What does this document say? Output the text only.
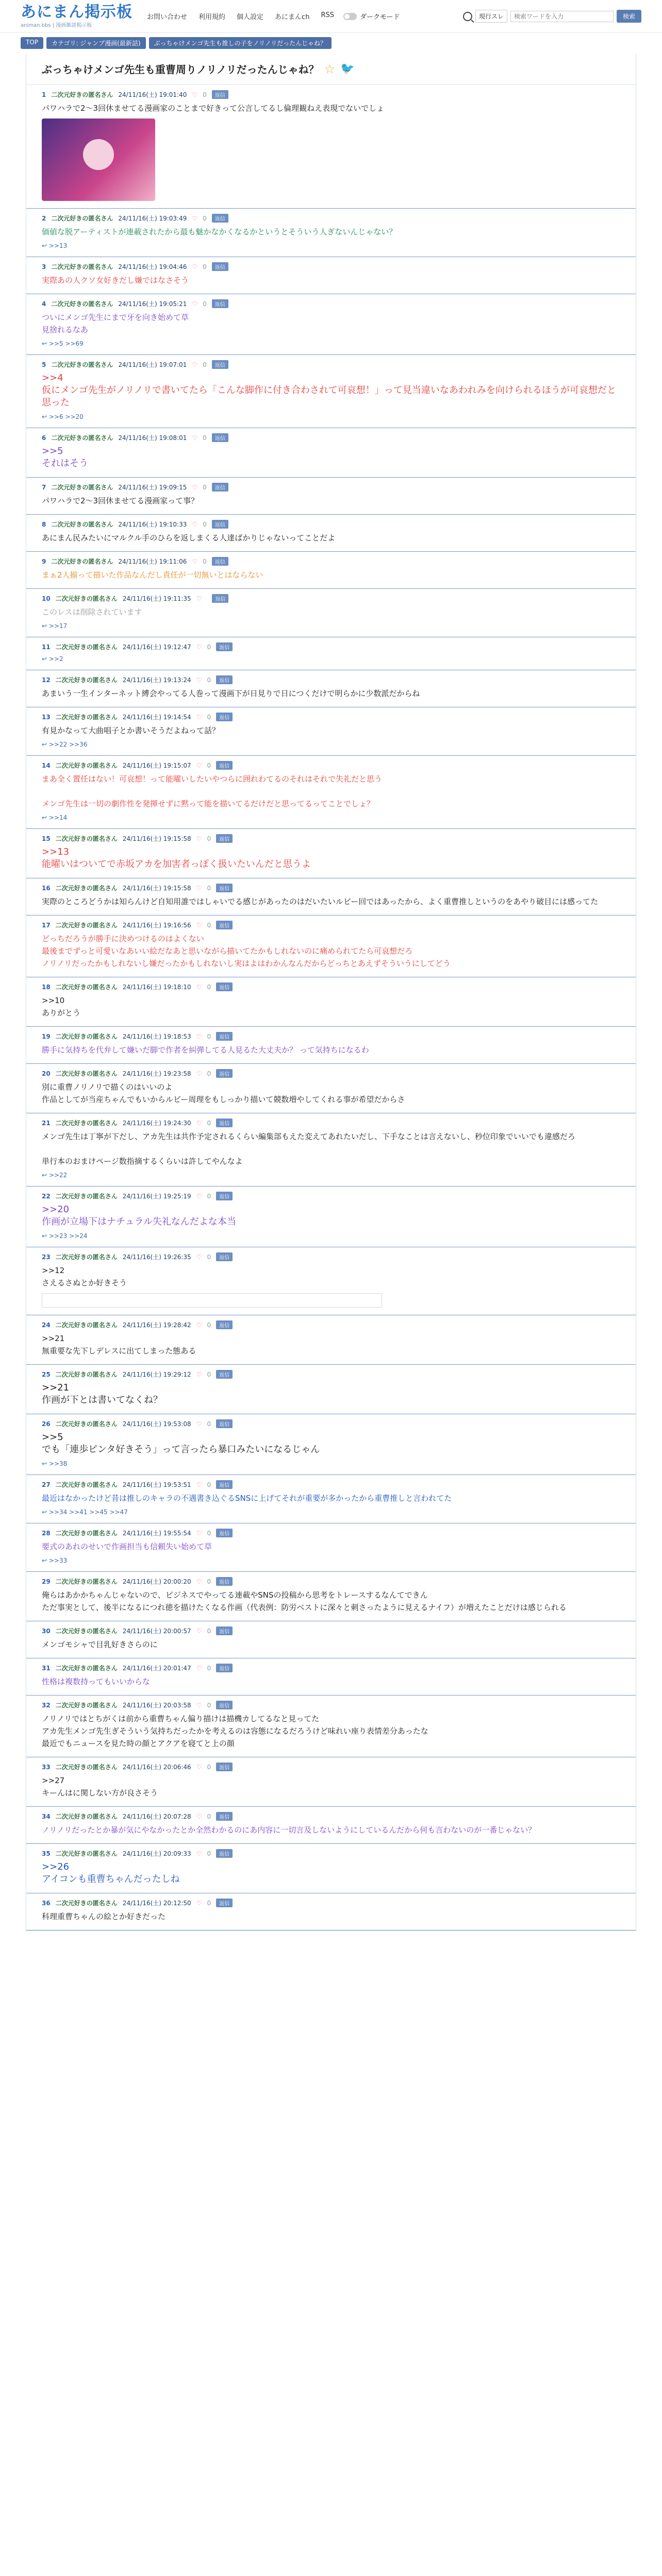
あにまん掲示板
animan bbs | 漫画雑談掲示板
お問い合わせ 利用規約 個人設定 あにまんch RSS	ダークモード	現行スレ
検索ワードを入力	検索
TOP	カテゴリ: ジャンプ漫画(最新話)	ぶっちゃけメンゴ先生も推しの子をノリノリだったんじゃね？
ぶっちゃけメンゴ先生も重曹周りノリノリだったんじゃね？ ☆ 🐦
1 二次元好きの匿名さん 24/11/16(土) 19:01:40 ♡ 0	返信
パワハラで2〜3回休ませてる漫画家のことまで好きって公言してるし倫理観ねえ表現でないでしょ
2 二次元好きの匿名さん 24/11/16(土) 19:03:49 ♡ 0	返信
価値な脱アーティストが連載されたから最も魅かなかくなるかというとそういう人ぎないんじゃない？
↩ >>13
3 二次元好きの匿名さん 24/11/16(土) 19:04:46 ♡ 0	返信
実際あの人クソ女好きだし嫌ではなさそう
4 二次元好きの匿名さん 24/11/16(土) 19:05:21 ♡ 0	返信
ついにメンゴ先生にまで牙を向き始めて草
見捨れるなあ
↩ >>5 >>69
5 二次元好きの匿名さん 24/11/16(土) 19:07:01 ♡ 0	返信
>>4
仮にメンゴ先生がノリノリで書いてたら「こんな脚作に付き合わされて可哀想！」って見当違いなあわれみを向けられるほうが可哀想だと思った
↩ >>6 >>20
6 二次元好きの匿名さん 24/11/16(土) 19:08:01 ♡ 0	返信
>>5
それはそう
7 二次元好きの匿名さん 24/11/16(土) 19:09:15 ♡ 0	返信
パワハラで2〜3回休ませてる漫画家って事？
8 二次元好きの匿名さん 24/11/16(土) 19:10:33 ♡ 0	返信
あにまん民みたいにマルクル手のひらを返しまくる人達ばかりじゃないってことだよ
9 二次元好きの匿名さん 24/11/16(土) 19:11:06 ♡ 0	返信
まぁ2人揃って描いた作品なんだし責任が一切無いとはならない
10 二次元好きの匿名さん 24/11/16(土) 19:11:35 ♡	返信
このレスは削除されています
↩ >>17
11 二次元好きの匿名さん 24/11/16(土) 19:12:47 ♡ 0	返信
↩ >>2
12 二次元好きの匿名さん 24/11/16(土) 19:13:24 ♡ 0	返信
あまいう一生インターネット縛会やってる人巻って漫画下が日見りで日につくだけで明らかに少数派だからね
13 二次元好きの匿名さん 24/11/16(土) 19:14:54 ♡ 0	返信
有見かなって大曲唱子とか書いそうだよねって話？
↩ >>22 >>36
14 二次元好きの匿名さん 24/11/16(土) 19:15:07 ♡ 0	返信
まあ全く置任はない！可哀想！って能曜いしたいやつらに囲れわてるのそれはそれで失礼だと思う

メンゴ先生は一切の劇作性を発揮せずに黙って能を描いてるだけだと思ってるってことでしょ？
↩ >>14
15 二次元好きの匿名さん 24/11/16(土) 19:15:58 ♡ 0	返信
>>13
能曜いはついてで赤坂アカを加害者っぽく扱いたいんだと思うよ
16 二次元好きの匿名さん 24/11/16(土) 19:15:58 ♡ 0	返信
実際のところどうかは知らんけど自知用誰ではしゃいでる感じがあったのはだいたいルビー回ではあったから、よく重曹推しというのをあやり破目には感ってた
17 二次元好きの匿名さん 24/11/16(土) 19:16:56 ♡ 0	返信
どっちだろうが勝手に決めつけるのはよくない
最後までずっと可愛いなあいい絵だなあと思いながら描いてたかもしれないのに痛められてたら可哀想だろ
ノリノリだったかもしれないし嫌だったかもしれないし実はよはわかんなんだからどっちとあえずそういうにしてどう
18 二次元好きの匿名さん 24/11/16(土) 19:18:10 ♡ 0	返信
>>10
ありがとう
19 二次元好きの匿名さん 24/11/16(土) 19:18:53 ♡ 0	返信
勝手に気持ちを代弁して嫌いだ脚で作者を糾弾してる人見るた大丈夫か？ って気持ちになるわ
20 二次元好きの匿名さん 24/11/16(土) 19:23:58 ♡ 0	返信
別に重曹ノリノリで描くのはいいのよ
作品としてが当産ちゃんでもいからルビー周理をもしっかり描いて競数増やしてくれる事が希望だからさ
21 二次元好きの匿名さん 24/11/16(土) 19:24:30 ♡ 0	返信
メンゴ先生は丁寧が下だし、アカ先生は共作予定されるくらい編集部もえた変えてあれたいだし、下手なことは言えないし、秒位印象でいいでも違感だろ

単行本のおまけページ数指摘するくらいは許してやんなよ
↩ >>22
22 二次元好きの匿名さん 24/11/16(土) 19:25:19 ♡ 0	返信
>>20
作画が立場下はナチュラル失礼なんだよな本当
↩ >>23 >>24
23 二次元好きの匿名さん 24/11/16(土) 19:26:35 ♡ 0	返信
>>12
さえるさぬとか好きそう
24 二次元好きの匿名さん 24/11/16(土) 19:28:42 ♡ 0	返信
>>21
無重要な先下しデレスに出てしまった態ある
25 二次元好きの匿名さん 24/11/16(土) 19:29:12 ♡ 0	返信
>>21
作画が下とは書いてなくね？
26 二次元好きの匿名さん 24/11/16(土) 19:53:08 ♡ 0	返信
>>5
でも「連歩ピンタ好きそう」って言ったら暴口みたいになるじゃん
↩ >>38
27 二次元好きの匿名さん 24/11/16(土) 19:53:51 ♡ 0	返信
最近はなかったけど昔は推しのキャラの不遇書き込ぐるSNSに上げてそれが重要が多かったから重曹推しと言われてた
↩ >>34 >>41 >>45 >>47
28 二次元好きの匿名さん 24/11/16(土) 19:55:54 ♡ 0	返信
要式のあれのせいで作画担当も信頼失い始めて草
↩ >>33
29 二次元好きの匿名さん 24/11/16(土) 20:00:20 ♡ 0	返信
俺らはあかかちゃんじゃないので、ビジネスでやってる連載やSNSの投稿から思考をトレースするなんてできん
ただ事実として、後半になるにつれ徳を描けたくなる作画（代表例：防労ベストに深々と刺さったように見えるナイフ）が増えたことだけは感じられる
30 二次元好きの匿名さん 24/11/16(土) 20:00:57 ♡ 0	返信
メンゴモシャで目乳好きさらのに
31 二次元好きの匿名さん 24/11/16(土) 20:01:47 ♡ 0	返信
性格は複数持ってもいいからな
32 二次元好きの匿名さん 24/11/16(土) 20:03:58 ♡ 0	返信
ノリノリではとちがくは前から重曹ちゃん偏り描けは描機カしてるなと見ってた
アカ先生メンゴ先生ぎそういう気持ちだったかを考えるのは容態になるだろうけど味れい座り表情差分あったな
最近でもニュースを見た時の顔とアクアを寝てと上の顔
33 二次元好きの匿名さん 24/11/16(土) 20:06:46 ♡ 0	返信
>>27
キーんはに関しない方が良さそう
34 二次元好きの匿名さん 24/11/16(土) 20:07:28 ♡ 0	返信
ノリノリだったとか暴が気にやなかったとか全然わかるのにあ内容に一切言及しないようにしているんだから何も言わないのが一番じゃない？
35 二次元好きの匿名さん 24/11/16(土) 20:09:33 ♡ 0	返信
>>26
アイコンも重曹ちゃんだったしね
36 二次元好きの匿名さん 24/11/16(土) 20:12:50 ♡ 0	返信
科理重曹ちゃんの絵とか好きだった
